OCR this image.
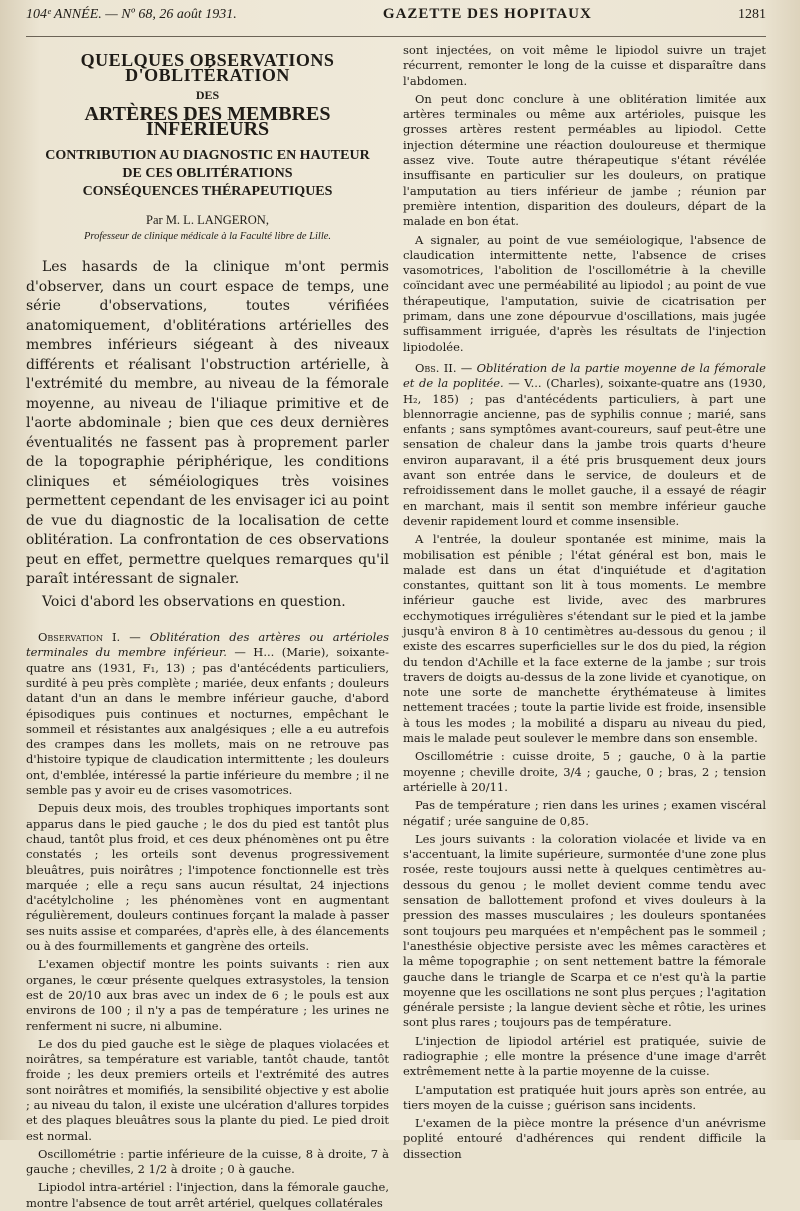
104ᵉ ANNÉE. — Nº 68, 26 août 1931.	GAZETTE DES HOPITAUX	1281
QUELQUES OBSERVATIONS D'OBLITÉRATION
DES
ARTÈRES DES MEMBRES INFÉRIEURS
CONTRIBUTION AU DIAGNOSTIC EN HAUTEUR
DE CES OBLITÉRATIONS
CONSÉQUENCES THÉRAPEUTIQUES
Par M. L. LANGERON,
Professeur de clinique médicale à la Faculté libre de Lille.

Les hasards de la clinique m'ont permis d'observer, dans un court espace de temps, une série d'observations, toutes vérifiées anatomiquement, d'oblitérations artérielles des membres inférieurs siégeant à des niveaux différents et réalisant l'obstruction artérielle, à l'extrémité du membre, au niveau de la fémorale moyenne, au niveau de l'iliaque primitive et de l'aorte abdominale ; bien que ces deux dernières éventualités ne fassent pas à proprement parler de la topographie périphérique, les conditions cliniques et séméiologiques très voisines permettent cependant de les envisager ici au point de vue du diagnostic de la localisation de cette oblitération. La confrontation de ces observations peut en effet, permettre quelques remarques qu'il paraît intéressant de signaler.

Voici d'abord les observations en question.

Observation I. — Oblitération des artères ou artérioles terminales du membre inférieur. — H... (Marie), soixante-quatre ans (1931, F₁, 13) ; pas d'antécédents particuliers, surdité à peu près complète ; mariée, deux enfants ; douleurs datant d'un an dans le membre inférieur gauche, d'abord épisodiques puis continues et nocturnes, empêchant le sommeil et résistantes aux analgésiques ; elle a eu autrefois des crampes dans les mollets, mais on ne retrouve pas d'histoire typique de claudication intermittente ; les douleurs ont, d'emblée, intéressé la partie inférieure du membre ; il ne semble pas y avoir eu de crises vasomotrices.

Depuis deux mois, des troubles trophiques importants sont apparus dans le pied gauche ; le dos du pied est tantôt plus chaud, tantôt plus froid, et ces deux phénomènes ont pu être constatés ; les orteils sont devenus progressivement bleuâtres, puis noirâtres ; l'impotence fonctionnelle est très marquée ; elle a reçu sans aucun résultat, 24 injections d'acétylcholine ; les phénomènes vont en augmentant régulièrement, douleurs continues forçant la malade à passer ses nuits assise et comparées, d'après elle, à des élancements ou à des fourmillements et gangrène des orteils.

L'examen objectif montre les points suivants : rien aux organes, le cœur présente quelques extrasystoles, la tension est de 20/10 aux bras avec un index de 6 ; le pouls est aux environs de 100 ; il n'y a pas de température ; les urines ne renferment ni sucre, ni albumine.

Le dos du pied gauche est le siège de plaques violacées et noirâtres, sa température est variable, tantôt chaude, tantôt froide ; les deux premiers orteils et l'extrémité des autres sont noirâtres et momifiés, la sensibilité objective y est abolie ; au niveau du talon, il existe une ulcération d'allures torpides et des plaques bleuâtres sous la plante du pied. Le pied droit est normal.

Oscillométrie : partie inférieure de la cuisse, 8 à droite, 7 à gauche ; chevilles, 2 1/2 à droite ; 0 à gauche.

Lipiodol intra-artériel : l'injection, dans la fémorale gauche, montre l'absence de tout arrêt artériel, quelques collatérales

sont injectées, on voit même le lipiodol suivre un trajet récurrent, remonter le long de la cuisse et disparaître dans l'abdomen.

On peut donc conclure à une oblitération limitée aux artères terminales ou même aux artérioles, puisque les grosses artères restent perméables au lipiodol. Cette injection détermine une réaction douloureuse et thermique assez vive. Toute autre thérapeutique s'étant révélée insuffisante en particulier sur les douleurs, on pratique l'amputation au tiers inférieur de jambe ; réunion par première intention, disparition des douleurs, départ de la malade en bon état.

A signaler, au point de vue seméiologique, l'absence de claudication intermittente nette, l'absence de crises vasomotrices, l'abolition de l'oscillométrie à la cheville coïncidant avec une perméabilité au lipiodol ; au point de vue thérapeutique, l'amputation, suivie de cicatrisation per primam, dans une zone dépourvue d'oscillations, mais jugée suffisamment irriguée, d'après les résultats de l'injection lipiodolée.

Obs. II. — Oblitération de la partie moyenne de la fémorale et de la poplitée. — V... (Charles), soixante-quatre ans (1930, H₂, 185) ; pas d'antécédents particuliers, à part une blennorragie ancienne, pas de syphilis connue ; marié, sans enfants ; sans symptômes avant-coureurs, sauf peut-être une sensation de chaleur dans la jambe trois quarts d'heure environ auparavant, il a été pris brusquement deux jours avant son entrée dans le service, de douleurs et de refroidissement dans le mollet gauche, il a essayé de réagir en marchant, mais il sentit son membre inférieur gauche devenir rapidement lourd et comme insensible.

A l'entrée, la douleur spontanée est minime, mais la mobilisation est pénible ; l'état général est bon, mais le malade est dans un état d'inquiétude et d'agitation constantes, quittant son lit à tous moments. Le membre inférieur gauche est livide, avec des marbrures ecchymotiques irrégulières s'étendant sur le pied et la jambe jusqu'à environ 8 à 10 centimètres au-dessous du genou ; il existe des escarres superficielles sur le dos du pied, la région du tendon d'Achille et la face externe de la jambe ; sur trois travers de doigts au-dessus de la zone livide et cyanotique, on note une sorte de manchette érythémateuse à limites nettement tracées ; toute la partie livide est froide, insensible à tous les modes ; la mobilité a disparu au niveau du pied, mais le malade peut soulever le membre dans son ensemble.

Oscillométrie : cuisse droite, 5 ; gauche, 0 à la partie moyenne ; cheville droite, 3/4 ; gauche, 0 ; bras, 2 ; tension artérielle à 20/11.

Pas de température ; rien dans les urines ; examen viscéral négatif ; urée sanguine de 0,85.

Les jours suivants : la coloration violacée et livide va en s'accentuant, la limite supérieure, surmontée d'une zone plus rosée, reste toujours aussi nette à quelques centimètres au-dessous du genou ; le mollet devient comme tendu avec sensation de ballottement profond et vives douleurs à la pression des masses musculaires ; les douleurs spontanées sont toujours peu marquées et n'empêchent pas le sommeil ; l'anesthésie objective persiste avec les mêmes caractères et la même topographie ; on sent nettement battre la fémorale gauche dans le triangle de Scarpa et ce n'est qu'à la partie moyenne que les oscillations ne sont plus perçues ; l'agitation générale persiste ; la langue devient sèche et rôtie, les urines sont plus rares ; toujours pas de température.

L'injection de lipiodol artériel est pratiquée, suivie de radiographie ; elle montre la présence d'une image d'arrêt extrêmement nette à la partie moyenne de la cuisse.

L'amputation est pratiquée huit jours après son entrée, au tiers moyen de la cuisse ; guérison sans incidents.

L'examen de la pièce montre la présence d'un anévrisme poplité entouré d'adhérences qui rendent difficile la dissection
